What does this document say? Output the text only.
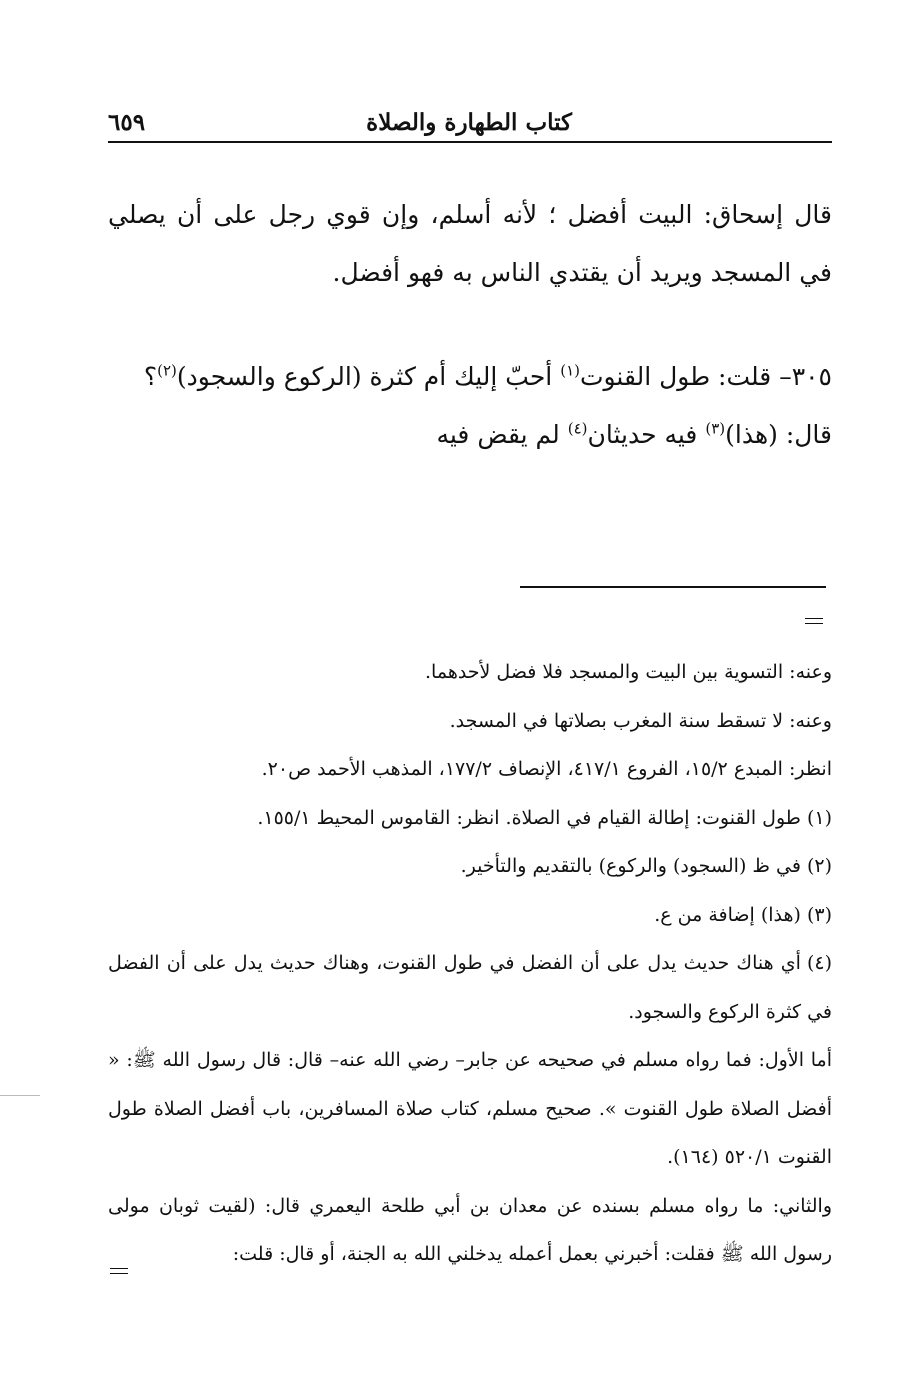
كتاب الطهارة والصلاة
٦٥٩

قال إسحاق: البيت أفضل ؛ لأنه أسلم، وإن قوي رجل على أن يصلي في المسجد ويريد أن يقتدي الناس به فهو أفضل.

٣٠٥– قلت: طول القنوت$^{(١)}$ أحبّ إليك أم كثرة (الركوع والسجود)$^{(٢)}$؟

قال: (هذا)$^{(٣)}$ فيه حديثان$^{(٤)}$ لم يقض فيه

وعنه: التسوية بين البيت والمسجد فلا فضل لأحدهما.

وعنه: لا تسقط سنة المغرب بصلاتها في المسجد.

انظر: المبدع ١٥/٢، الفروع ٤١٧/١، الإنصاف ١٧٧/٢، المذهب الأحمد ص٢٠.

(١)طول القنوت: إطالة القيام في الصلاة. انظر: القاموس المحيط ١٥٥/١.

(٢)في ظ (السجود) والركوع) بالتقديم والتأخير.

(٣)(هذا) إضافة من ع.

(٤)أي هناك حديث يدل على أن الفضل في طول القنوت، وهناك حديث يدل على أن الفضل في كثرة الركوع والسجود.

أما الأول: فما رواه مسلم في صحيحه عن جابر– رضي الله عنه– قال: قال رسول الله ﷺ: « أفضل الصلاة طول القنوت ». صحيح مسلم، كتاب صلاة المسافرين، باب أفضل الصلاة طول القنوت ٥٢٠/١ (١٦٤).

والثاني: ما رواه مسلم بسنده عن معدان بن أبي طلحة اليعمري قال: (لقيت ثوبان مولى رسول الله ﷺ فقلت: أخبرني بعمل أعمله يدخلني الله به الجنة، أو قال: قلت:
